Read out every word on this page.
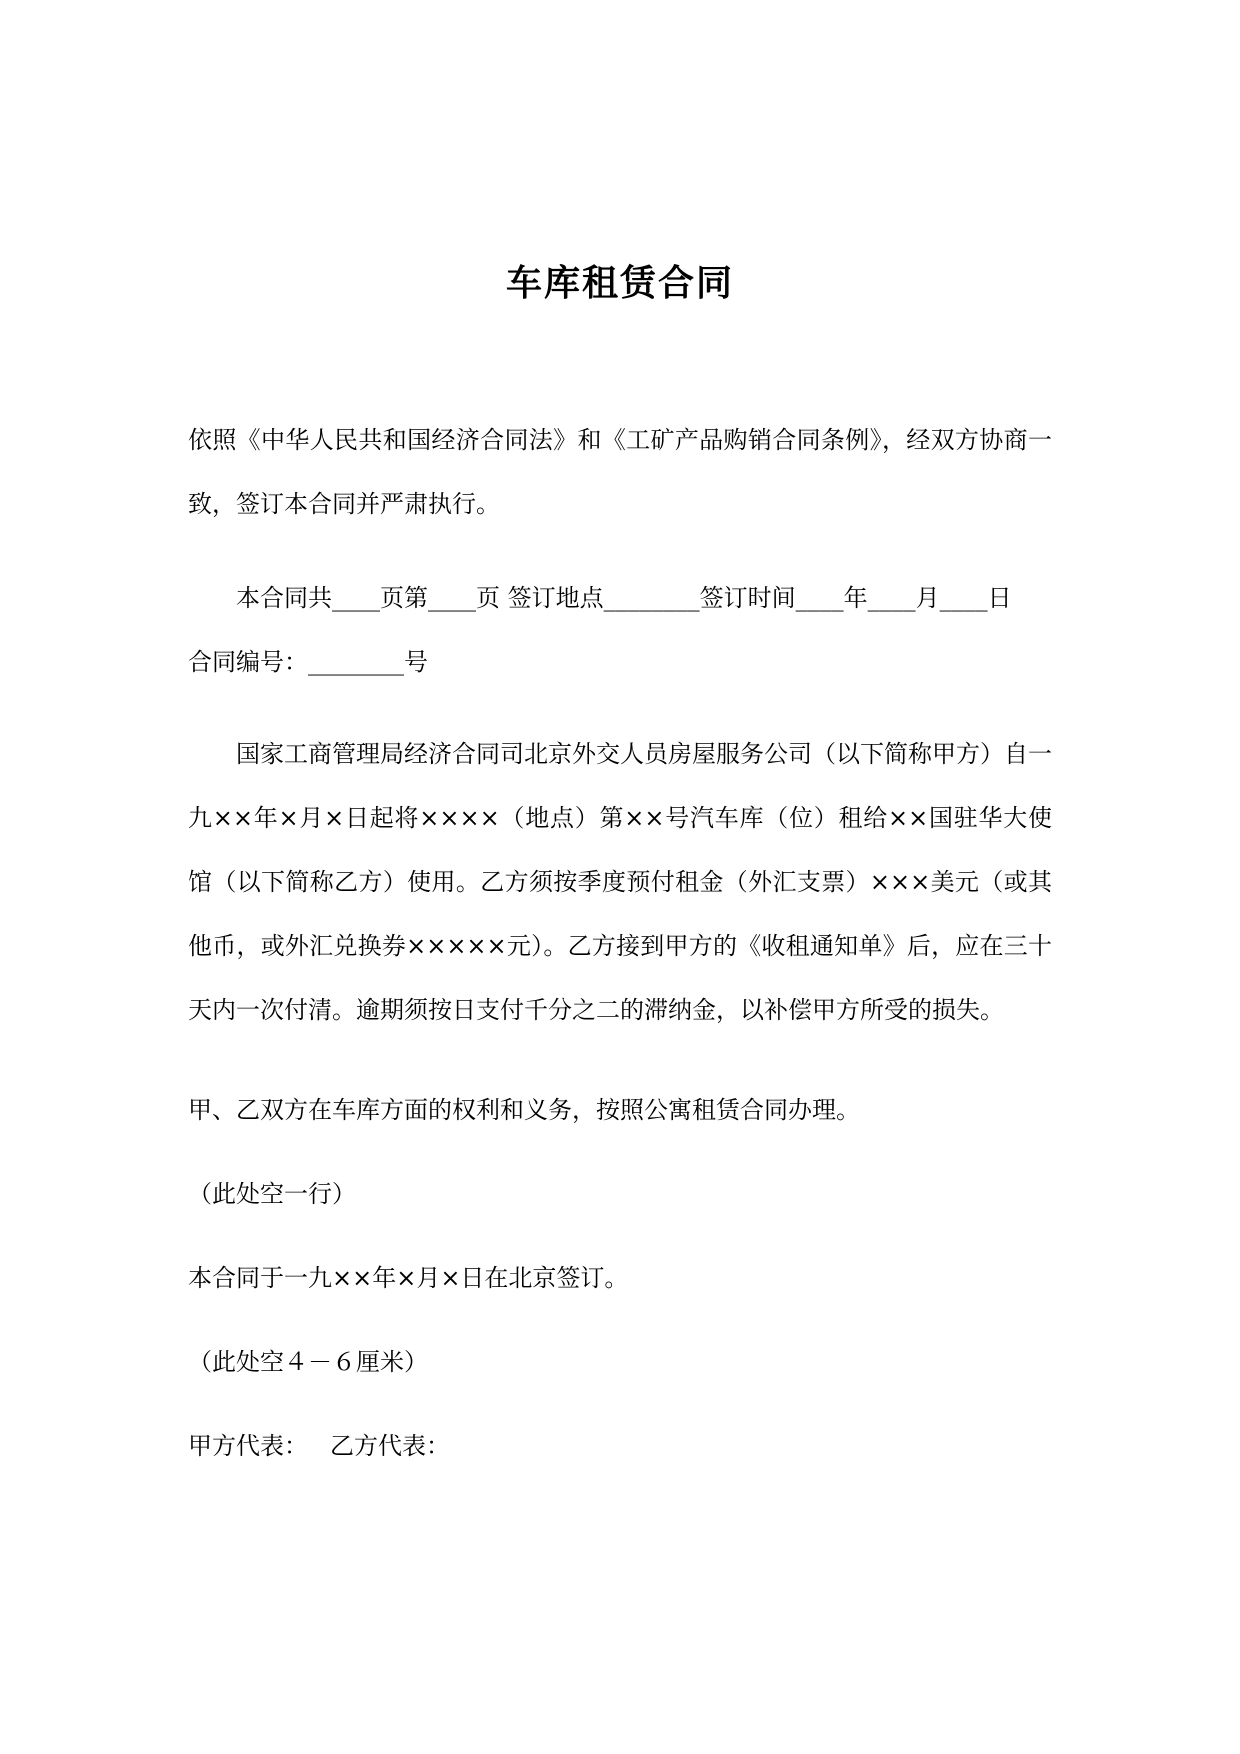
车库租赁合同

依照《中华人民共和国经济合同法》和《工矿产品购销合同条例》，经双方协商一致，签订本合同并严肃执行。

本合同共____页第____页 签订地点________签订时间____年____月____日
合同编号：________号

国家工商管理局经济合同司北京外交人员房屋服务公司（以下简称甲方）自一九××年×月×日起将××××（地点）第××号汽车库（位）租给××国驻华大使馆（以下简称乙方）使用。乙方须按季度预付租金（外汇支票）×××美元（或其他币，或外汇兑换券×××××元）。乙方接到甲方的《收租通知单》后，应在三十天内一次付清。逾期须按日支付千分之二的滞纳金，以补偿甲方所受的损失。

甲、乙双方在车库方面的权利和义务，按照公寓租赁合同办理。

（此处空一行）

本合同于一九××年×月×日在北京签订。

（此处空４－６厘米）

甲方代表： 乙方代表：
